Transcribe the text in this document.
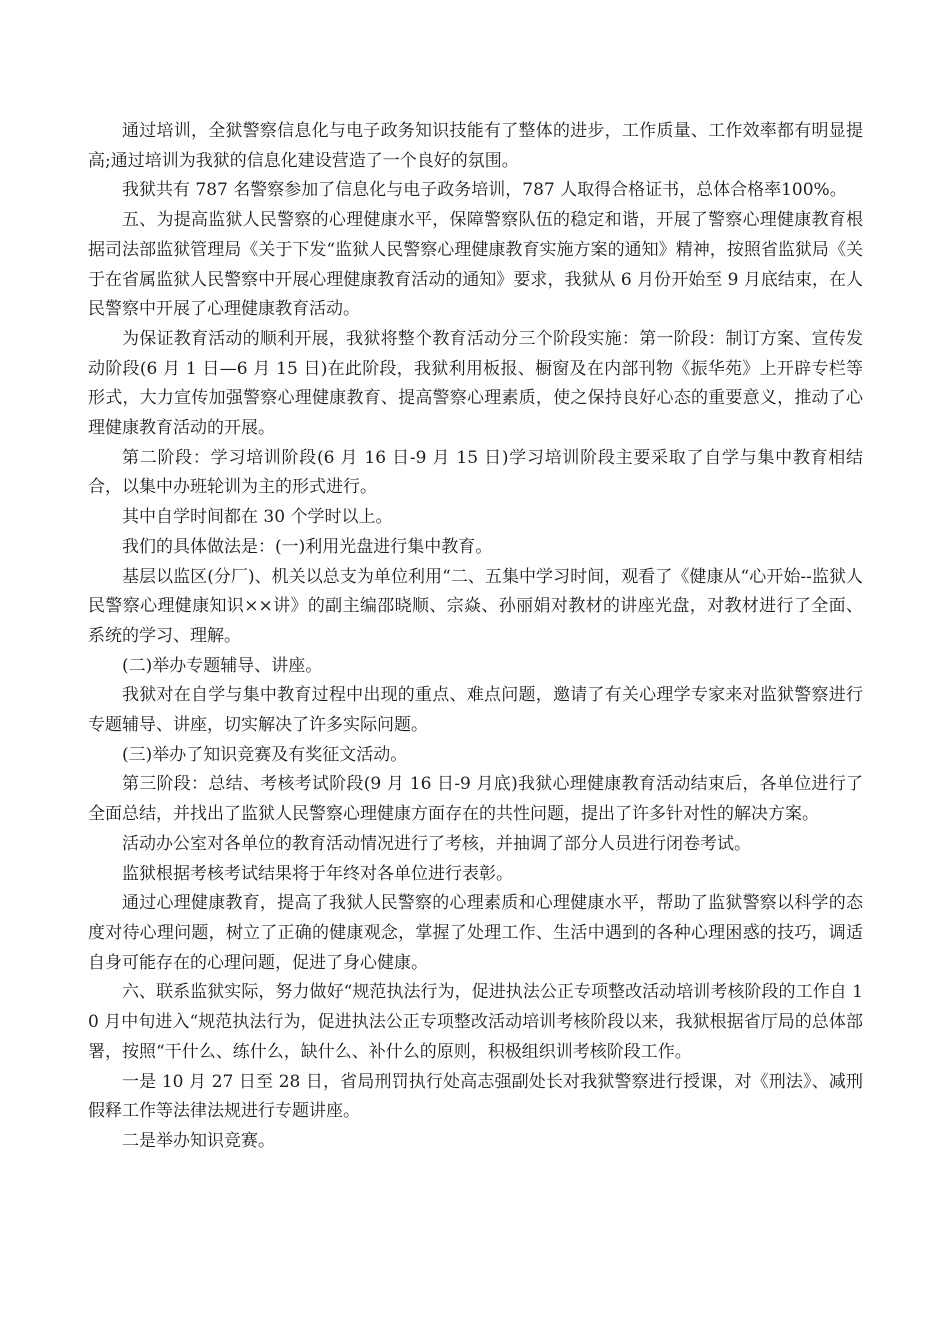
通过培训，全狱警察信息化与电子政务知识技能有了整体的进步，工作质量、工作效率都有明显提高;通过培训为我狱的信息化建设营造了一个良好的氛围。

我狱共有 787 名警察参加了信息化与电子政务培训，787 人取得合格证书，总体合格率100%。

五、为提高监狱人民警察的心理健康水平，保障警察队伍的稳定和谐，开展了警察心理健康教育根据司法部监狱管理局《关于下发“监狱人民警察心理健康教育实施方案的通知》精神，按照省监狱局《关于在省属监狱人民警察中开展心理健康教育活动的通知》要求，我狱从 6 月份开始至 9 月底结束，在人民警察中开展了心理健康教育活动。

为保证教育活动的顺利开展，我狱将整个教育活动分三个阶段实施：第一阶段：制订方案、宣传发动阶段(6 月 1 日—6 月 15 日)在此阶段，我狱利用板报、橱窗及在内部刊物《振华苑》上开辟专栏等形式，大力宣传加强警察心理健康教育、提高警察心理素质，使之保持良好心态的重要意义，推动了心理健康教育活动的开展。

第二阶段：学习培训阶段(6 月 16 日-9 月 15 日)学习培训阶段主要采取了自学与集中教育相结合，以集中办班轮训为主的形式进行。

其中自学时间都在 30 个学时以上。

我们的具体做法是：(一)利用光盘进行集中教育。

基层以监区(分厂)、机关以总支为单位利用“二、五集中学习时间，观看了《健康从“心开始--监狱人民警察心理健康知识××讲》的副主编邵晓顺、宗焱、孙丽娟对教材的讲座光盘，对教材进行了全面、系统的学习、理解。

(二)举办专题辅导、讲座。

我狱对在自学与集中教育过程中出现的重点、难点问题，邀请了有关心理学专家来对监狱警察进行专题辅导、讲座，切实解决了许多实际问题。

(三)举办了知识竞赛及有奖征文活动。

第三阶段：总结、考核考试阶段(9 月 16 日-9 月底)我狱心理健康教育活动结束后，各单位进行了全面总结，并找出了监狱人民警察心理健康方面存在的共性问题，提出了许多针对性的解决方案。

活动办公室对各单位的教育活动情况进行了考核，并抽调了部分人员进行闭卷考试。

监狱根据考核考试结果将于年终对各单位进行表彰。

通过心理健康教育，提高了我狱人民警察的心理素质和心理健康水平，帮助了监狱警察以科学的态度对待心理问题，树立了正确的健康观念，掌握了处理工作、生活中遇到的各种心理困惑的技巧，调适自身可能存在的心理问题，促进了身心健康。

六、联系监狱实际，努力做好“规范执法行为，促进执法公正专项整改活动培训考核阶段的工作自 10 月中旬进入“规范执法行为，促进执法公正专项整改活动培训考核阶段以来，我狱根据省厅局的总体部署，按照“干什么、练什么，缺什么、补什么的原则，积极组织训考核阶段工作。

一是 10 月 27 日至 28 日，省局刑罚执行处高志强副处长对我狱警察进行授课，对《刑法》、减刑假释工作等法律法规进行专题讲座。

二是举办知识竞赛。
